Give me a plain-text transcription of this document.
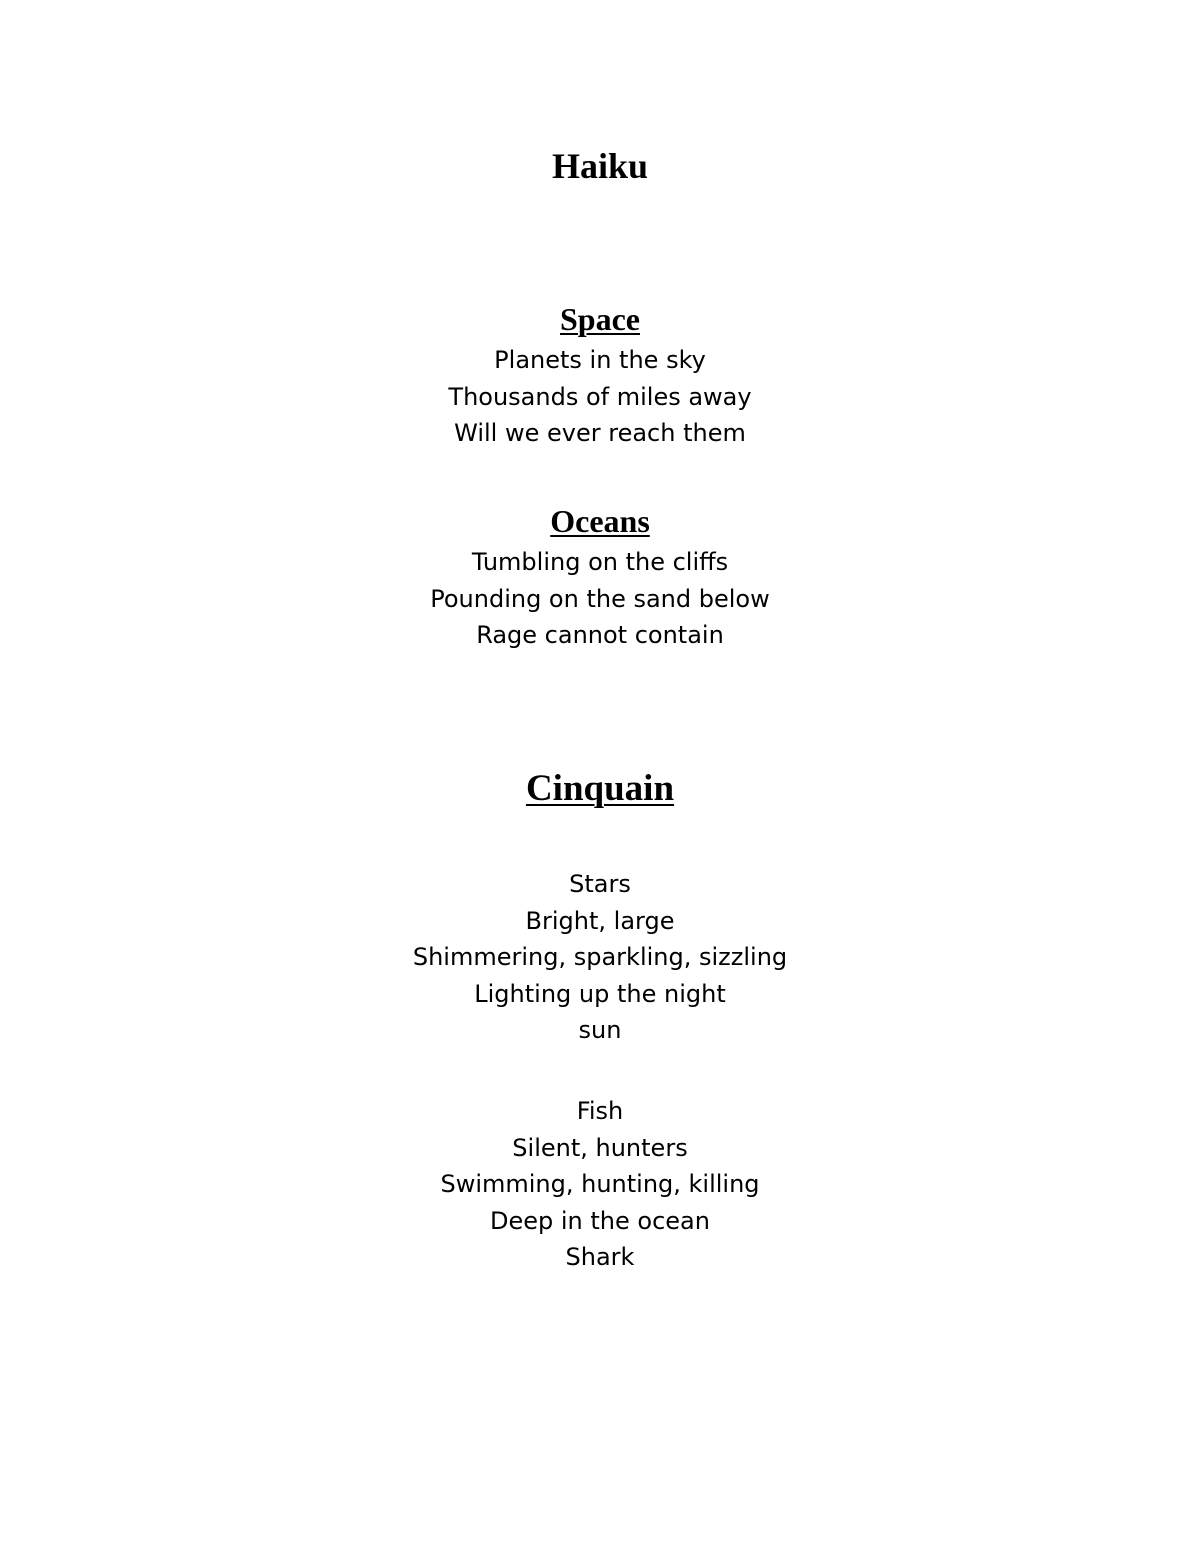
Haiku
Space
Planets in the sky
Thousands of miles away
Will we ever reach them
Oceans
Tumbling on the cliffs
Pounding on the sand below
Rage cannot contain
Cinquain
Stars
Bright, large
Shimmering, sparkling, sizzling
Lighting up the night
sun
Fish
Silent, hunters
Swimming, hunting, killing
Deep in the ocean
Shark
